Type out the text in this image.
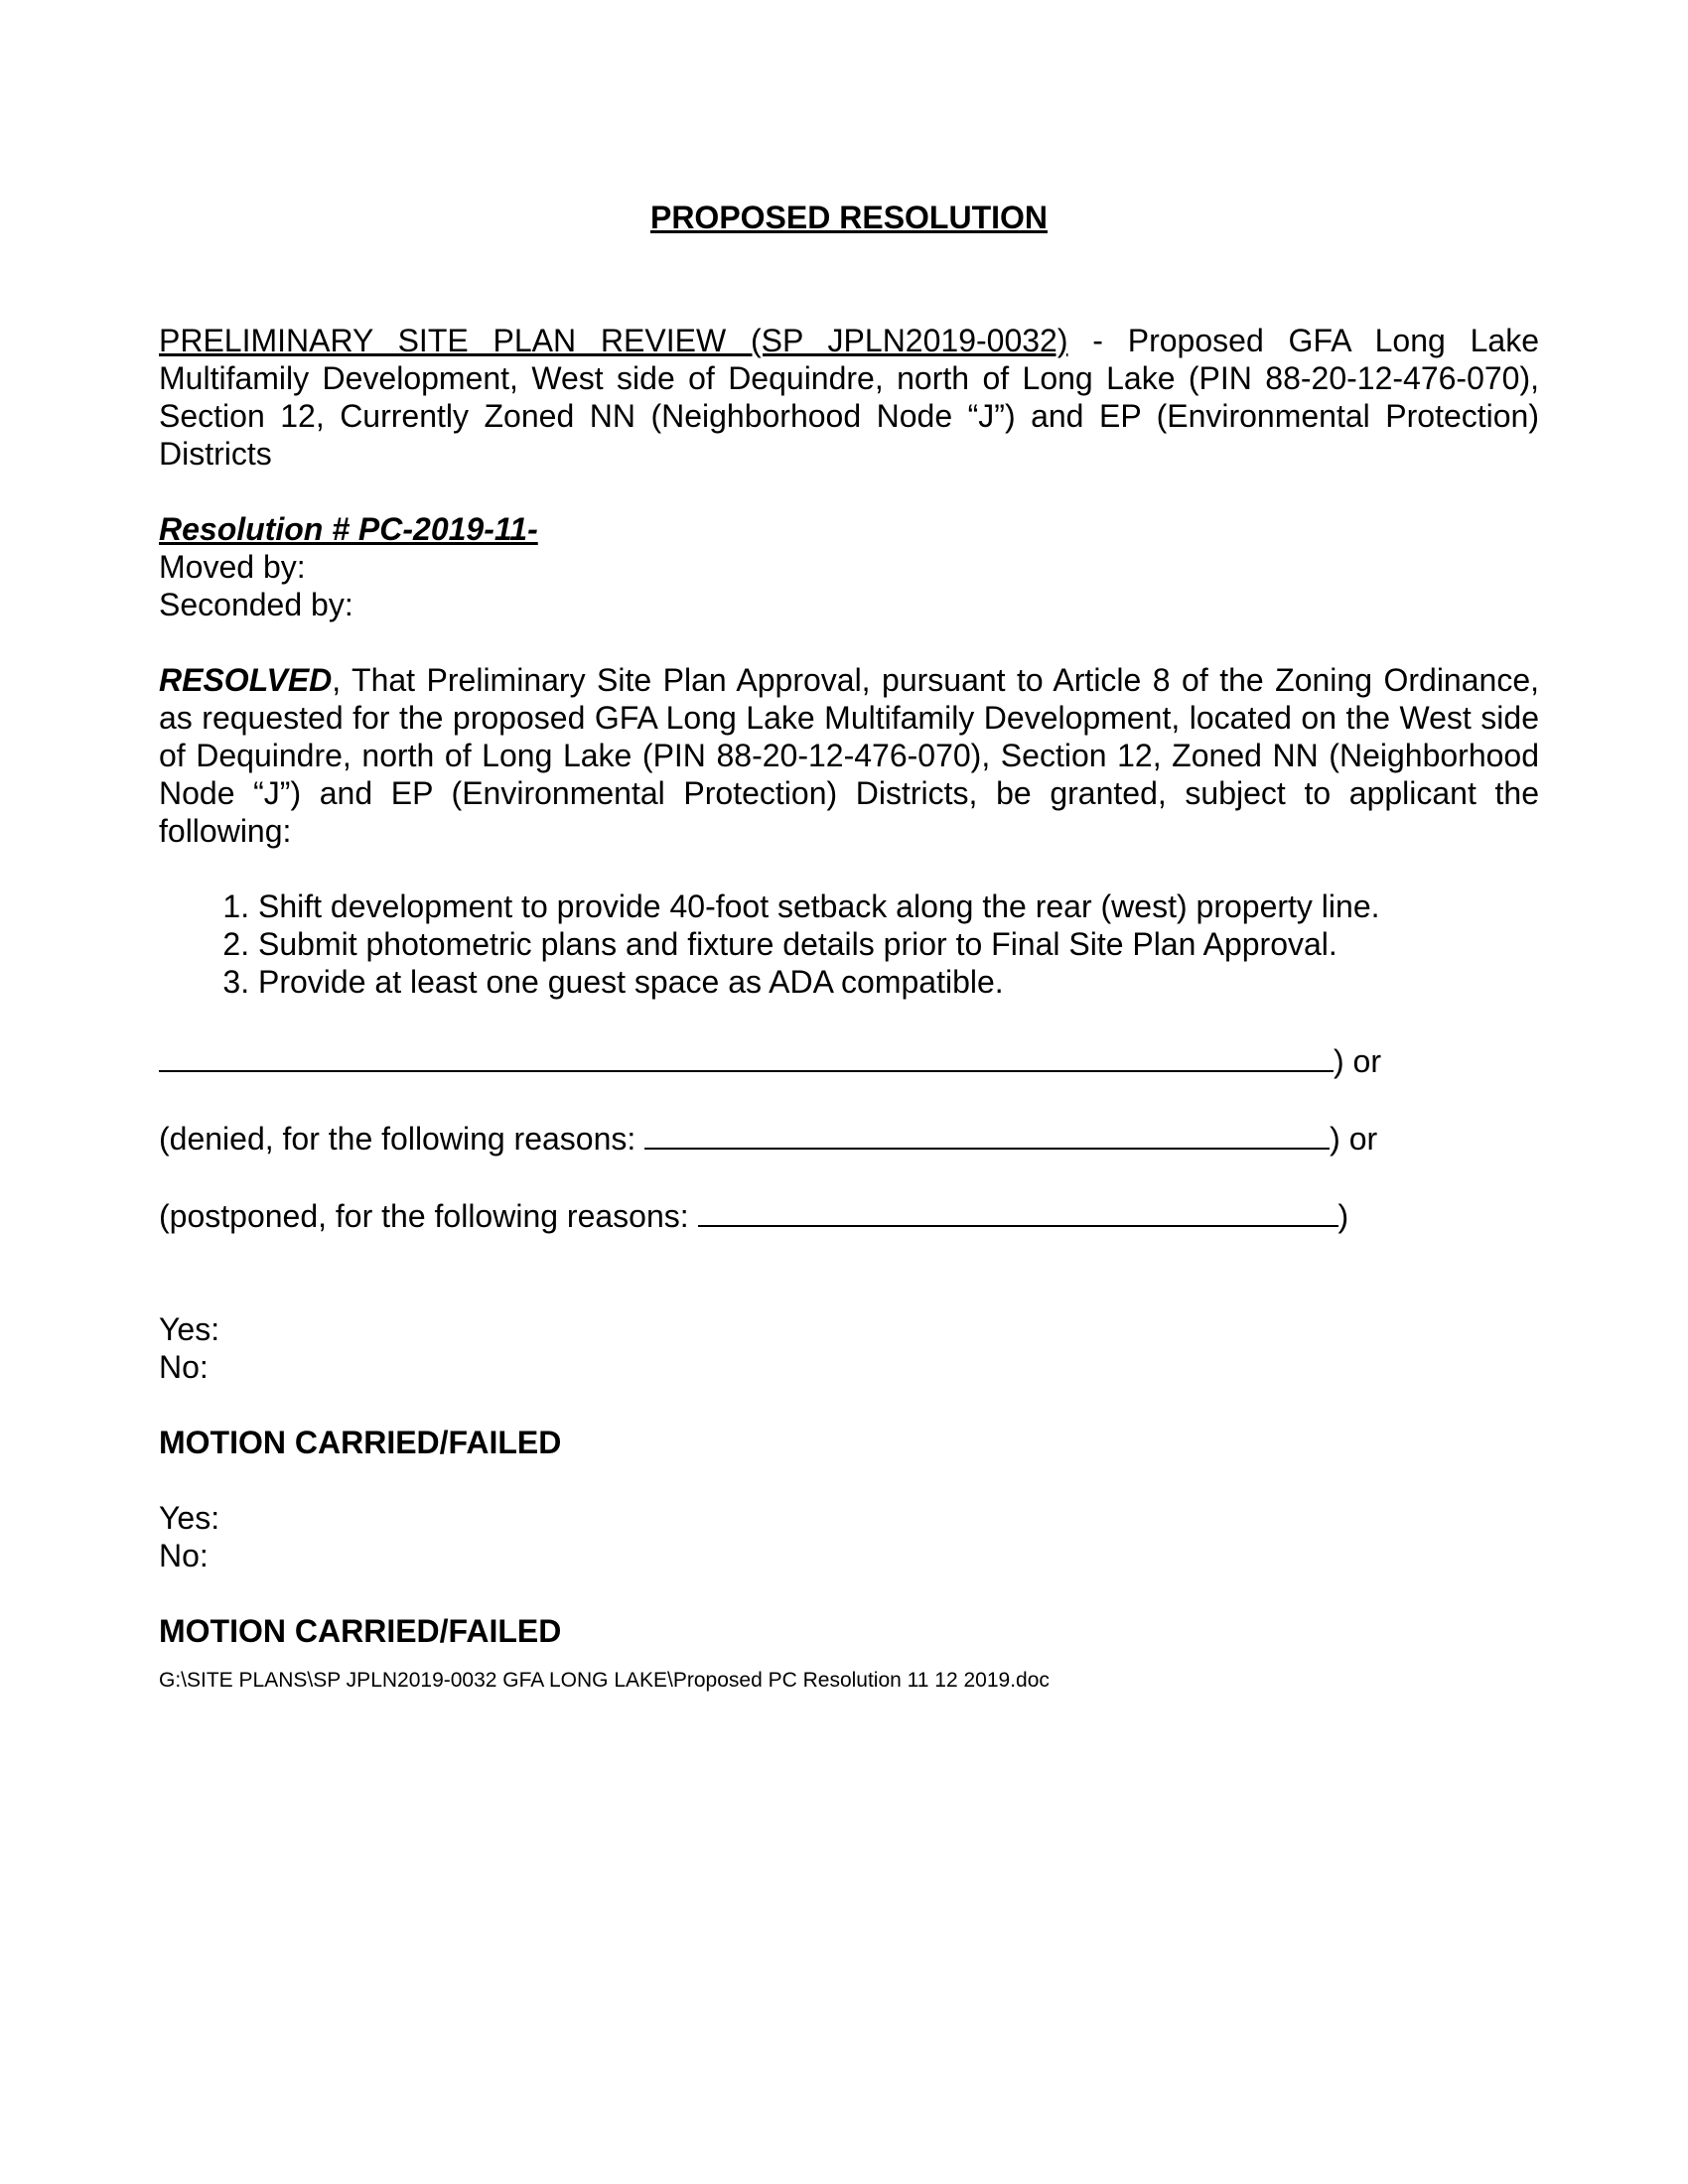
PROPOSED RESOLUTION
PRELIMINARY SITE PLAN REVIEW (SP JPLN2019-0032) - Proposed GFA Long Lake Multifamily Development, West side of Dequindre, north of Long Lake (PIN 88-20-12-476-070), Section 12, Currently Zoned NN (Neighborhood Node “J”) and EP (Environmental Protection) Districts
Resolution # PC-2019-11-
Moved by:
Seconded by:
RESOLVED, That Preliminary Site Plan Approval, pursuant to Article 8 of the Zoning Ordinance, as requested for the proposed GFA Long Lake Multifamily Development, located on the West side of Dequindre, north of Long Lake (PIN 88-20-12-476-070), Section 12, Zoned NN (Neighborhood Node “J”) and EP (Environmental Protection) Districts, be granted, subject to applicant the following:
1. Shift development to provide 40-foot setback along the rear (west) property line.
2. Submit photometric plans and fixture details prior to Final Site Plan Approval.
3. Provide at least one guest space as ADA compatible.
) or
(denied, for the following reasons:	) or
(postponed, for the following reasons:	)
Yes:
No:
MOTION CARRIED/FAILED
Yes:
No:
MOTION CARRIED/FAILED
G:\SITE PLANS\SP JPLN2019-0032 GFA LONG LAKE\Proposed PC Resolution 11 12 2019.doc
